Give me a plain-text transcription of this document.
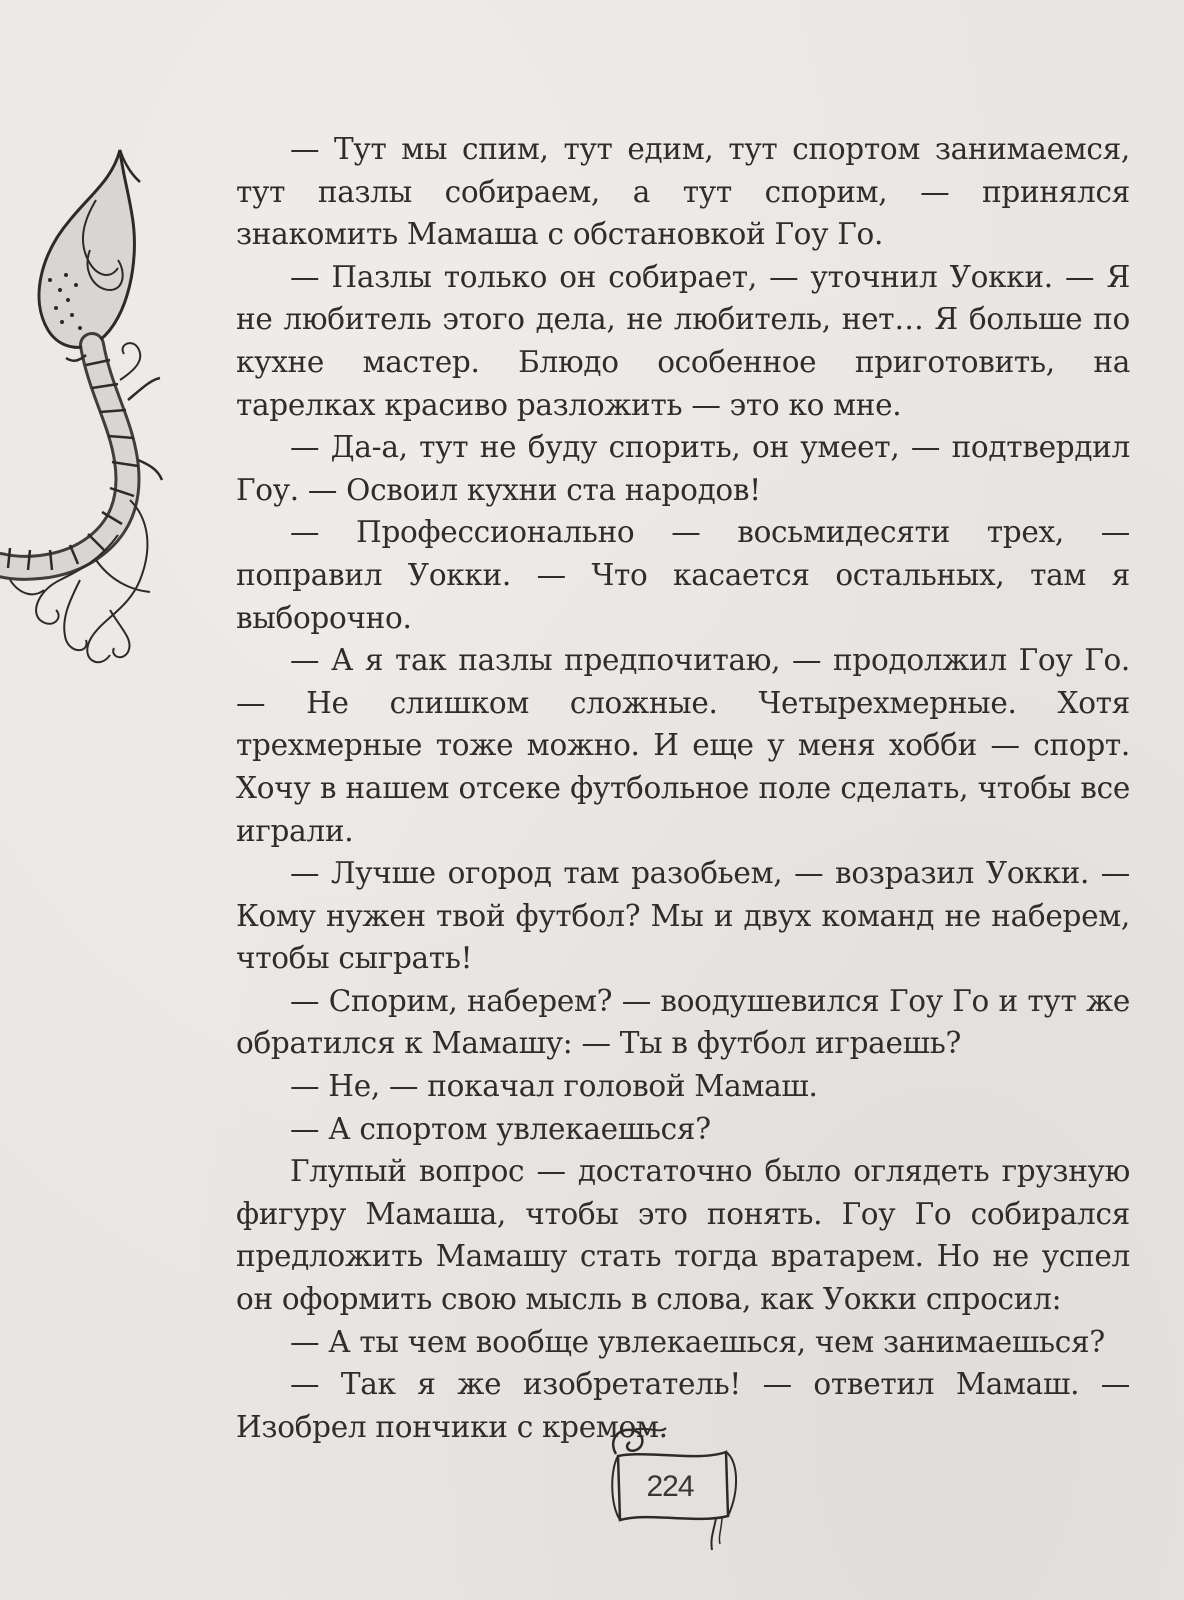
— Тут мы спим, тут едим, тут спортом занимаемся, тут пазлы собираем, а тут спорим, — принялся знакомить Мамаша с обстановкой Гоу Го.

— Пазлы только он собирает, — уточнил Уокки. — Я не любитель этого дела, не любитель, нет… Я больше по кухне мастер. Блюдо особенное приготовить, на тарелках красиво разложить — это ко мне.

— Да-а, тут не буду спорить, он умеет, — подтвердил Гоу. — Освоил кухни ста народов!

— Профессионально — восьмидесяти трех, — поправил Уокки. — Что касается остальных, там я выборочно.

— А я так пазлы предпочитаю, — продолжил Гоу Го. — Не слишком сложные. Четырехмерные. Хотя трехмерные тоже можно. И еще у меня хобби — спорт. Хочу в нашем отсеке футбольное поле сделать, чтобы все играли.

— Лучше огород там разобьем, — возразил Уокки. — Кому нужен твой футбол? Мы и двух команд не наберем, чтобы сыграть!

— Спорим, наберем? — воодушевился Гоу Го и тут же обратился к Мамашу: — Ты в футбол играешь?

— Не, — покачал головой Мамаш.

— А спортом увлекаешься?

Глупый вопрос — достаточно было оглядеть грузную фигуру Мамаша, чтобы это понять. Гоу Го собирался предложить Мамашу стать тогда вратарем. Но не успел он оформить свою мысль в слова, как Уокки спросил:

— А ты чем вообще увлекаешься, чем занимаешься?

— Так я же изобретатель! — ответил Мамаш. — Изобрел пончики с кремом.

224
